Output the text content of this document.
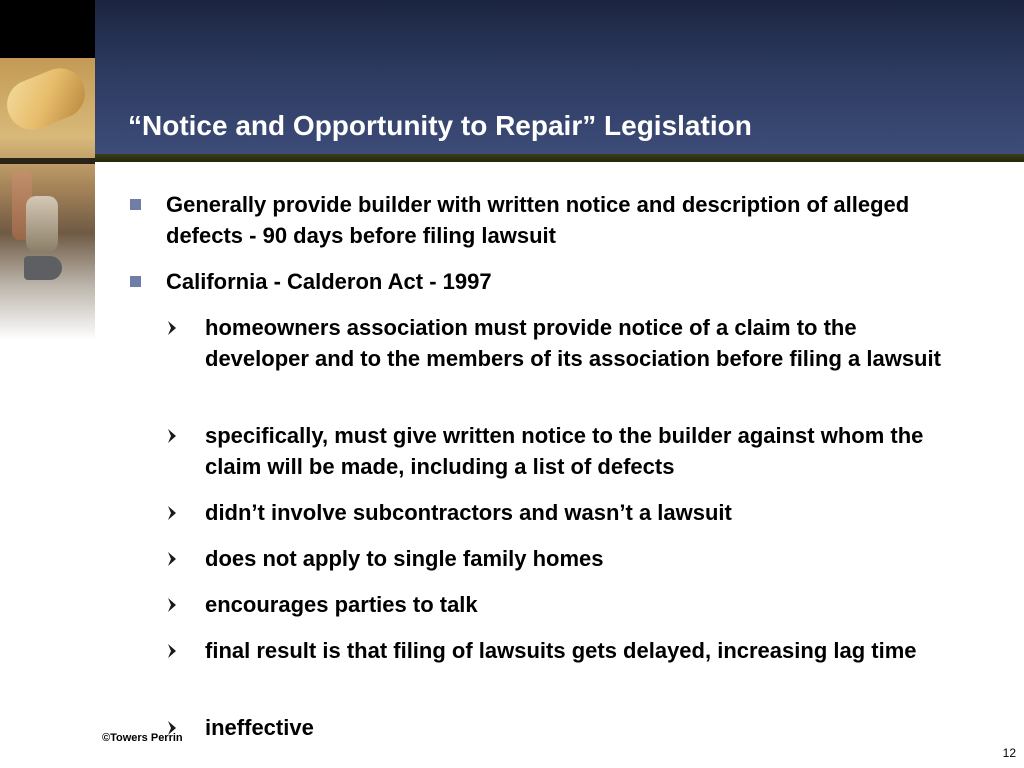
“Notice and Opportunity to Repair” Legislation
Generally provide builder with written notice and description of alleged defects - 90 days before filing lawsuit
California - Calderon Act - 1997
homeowners association must provide notice of a claim to the developer and to the members of its association before filing a lawsuit
specifically, must give written notice to the builder against whom the claim will be made, including a list of defects
didn’t involve subcontractors and wasn’t a lawsuit
does not apply to single family homes
encourages parties to talk
final result is that filing of lawsuits gets delayed, increasing lag time
ineffective
©Towers Perrin
12
